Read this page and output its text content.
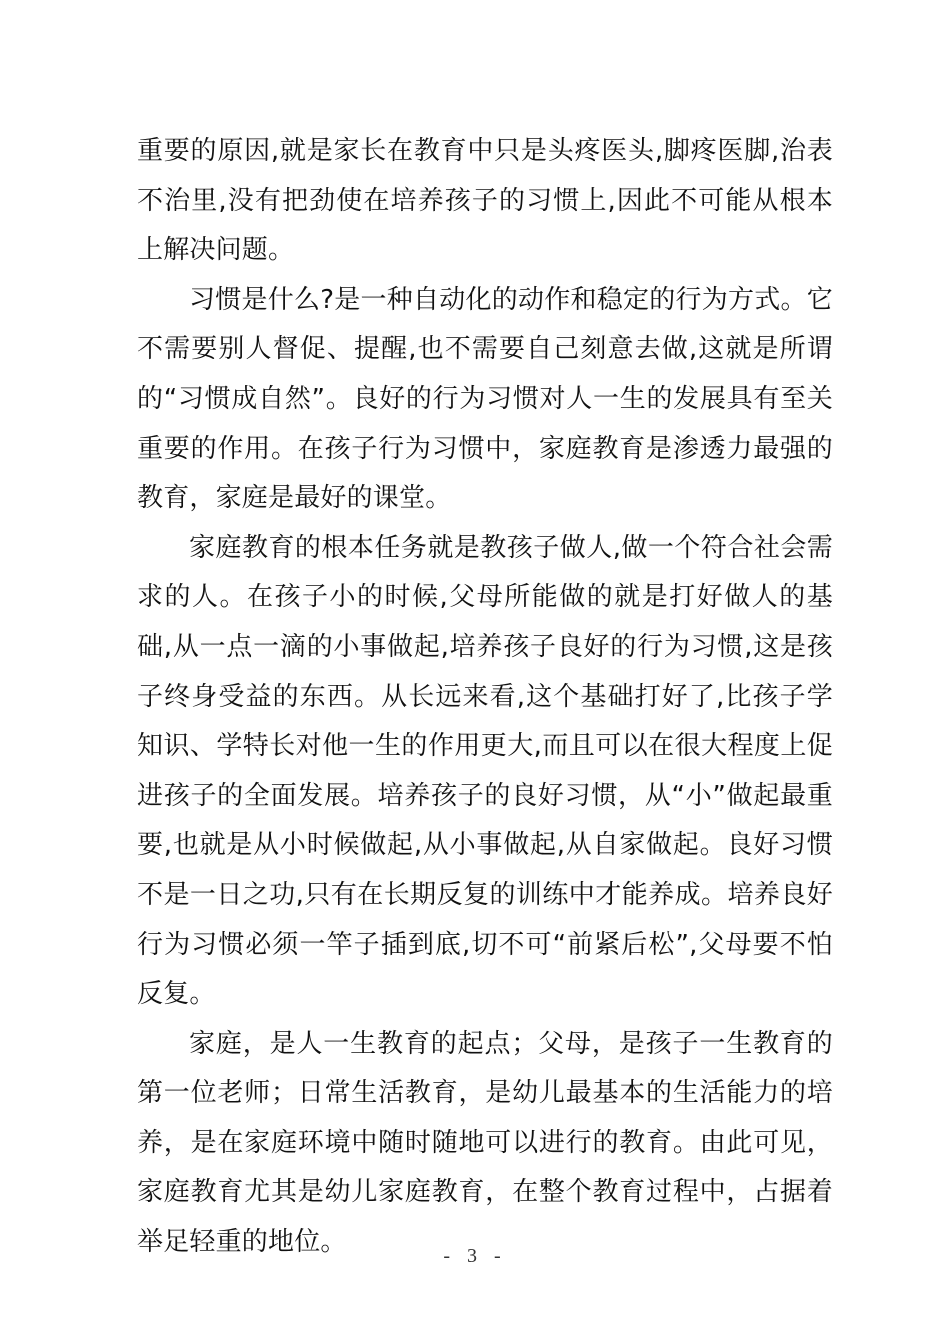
重要的原因,就是家长在教育中只是头疼医头,脚疼医脚,治表不治里,没有把劲使在培养孩子的习惯上,因此不可能从根本上解决问题。

习惯是什么?是一种自动化的动作和稳定的行为方式。它不需要别人督促、提醒,也不需要自己刻意去做,这就是所谓的“习惯成自然”。良好的行为习惯对人一生的发展具有至关重要的作用。在孩子行为习惯中，家庭教育是渗透力最强的教育，家庭是最好的课堂。

家庭教育的根本任务就是教孩子做人,做一个符合社会需求的人。在孩子小的时候,父母所能做的就是打好做人的基础,从一点一滴的小事做起,培养孩子良好的行为习惯,这是孩子终身受益的东西。从长远来看,这个基础打好了,比孩子学知识、学特长对他一生的作用更大,而且可以在很大程度上促进孩子的全面发展。培养孩子的良好习惯，从“小”做起最重要,也就是从小时候做起,从小事做起,从自家做起。良好习惯不是一日之功,只有在长期反复的训练中才能养成。培养良好行为习惯必须一竿子插到底,切不可“前紧后松”,父母要不怕反复。

家庭，是人一生教育的起点；父母，是孩子一生教育的第一位老师；日常生活教育，是幼儿最基本的生活能力的培养，是在家庭环境中随时随地可以进行的教育。由此可见，家庭教育尤其是幼儿家庭教育，在整个教育过程中，占据着举足轻重的地位。	- 3 -
